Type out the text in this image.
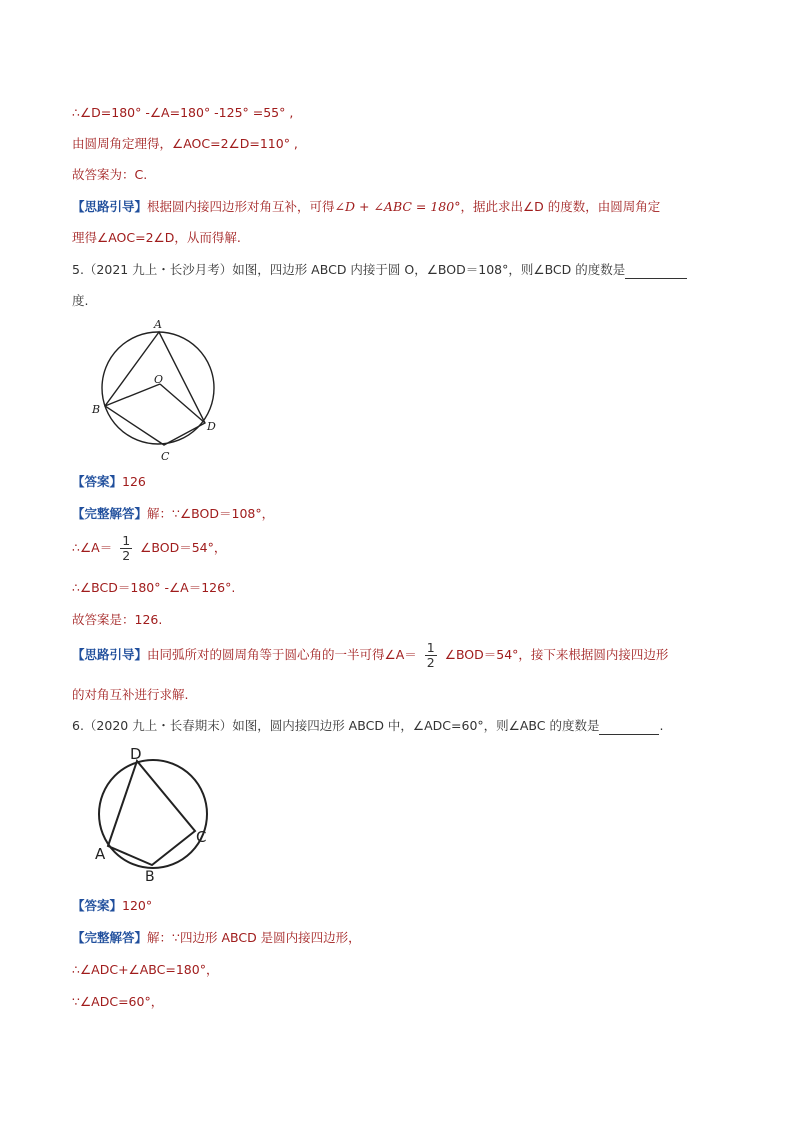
∴∠D=180° -∠A=180° -125° =55° ,
由圆周角定理得，∠AOC=2∠D=110° ,
故答案为：C.
【思路引导】根据圆内接四边形对角互补，可得∠D + ∠ABC = 180°，据此求出∠D 的度数，由圆周角定
理得∠AOC=2∠D，从而得解.
5.（2021 九上・长沙月考）如图，四边形 ABCD 内接于圆 O，∠BOD＝108°，则∠BCD 的度数是
度.
A
O
B
D
C
【答案】126
【完整解答】解：∵∠BOD＝108°，
∴∠A＝ $\frac{1}{2}$ ∠BOD＝54°，
∴∠BCD＝180° -∠A＝126°.
故答案是：126.
【思路引导】由同弧所对的圆周角等于圆心角的一半可得∠A＝ $\frac{1}{2}$ ∠BOD＝54°，接下来根据圆内接四边形
的对角互补进行求解.
6.（2020 九上・长春期末）如图，圆内接四边形 ABCD 中，∠ADC=60°，则∠ABC 的度数是	.
D
C
A
B
【答案】120°
【完整解答】解：∵四边形 ABCD 是圆内接四边形，
∴∠ADC+∠ABC=180°，
∵∠ADC=60°，
